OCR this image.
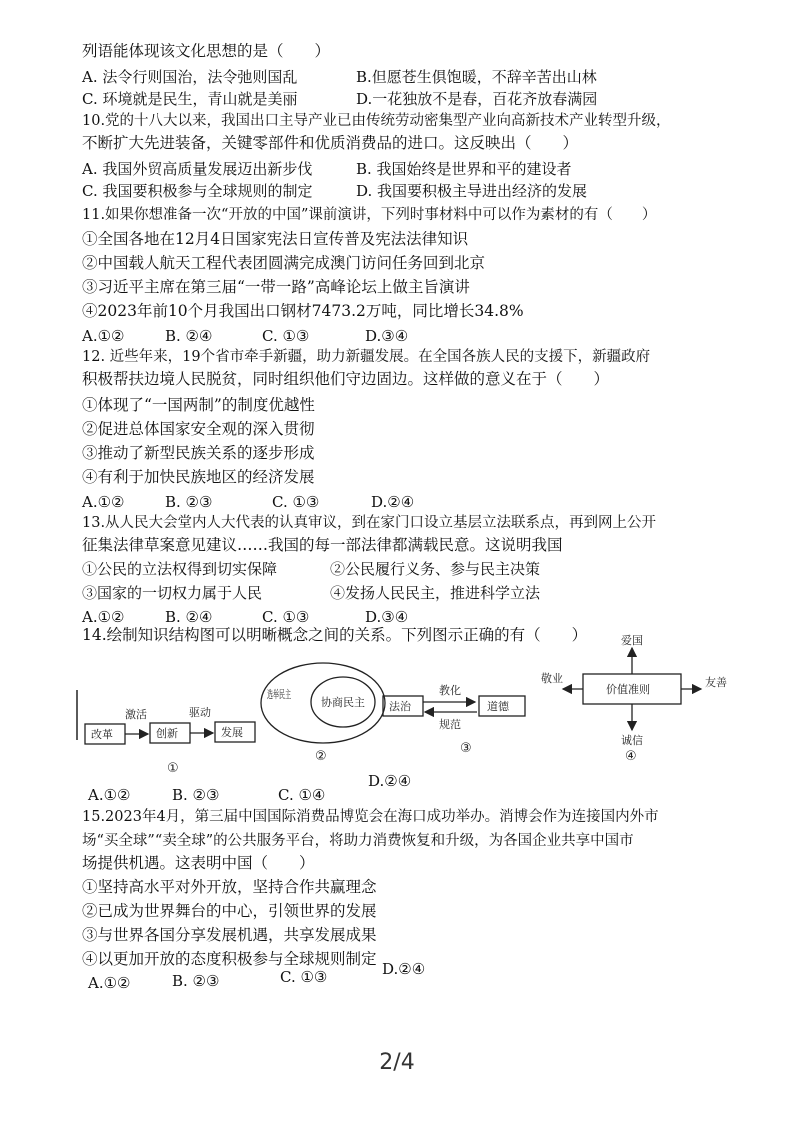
列语能体现该文化思想的是（　　）
A. 法令行则国治，法令弛则国乱	B.但愿苍生俱饱暖，不辞辛苦出山林
C. 环境就是民生，青山就是美丽	D.一花独放不是春，百花齐放春满园
10.党的十八大以来，我国出口主导产业已由传统劳动密集型产业向高新技术产业转型升级，
不断扩大先进装备，关键零部件和优质消费品的进口。这反映出（　　）
A. 我国外贸高质量发展迈出新步伐	B. 我国始终是世界和平的建设者
C. 我国要积极参与全球规则的制定	D. 我国要积极主导进出经济的发展
11.如果你想准备一次“开放的中国”课前演讲，下列时事材料中可以作为素材的有（　　）
①全国各地在12月4日国家宪法日宣传普及宪法法律知识
②中国载人航天工程代表团圆满完成澳门访问任务回到北京
③习近平主席在第三届“一带一路”高峰论坛上做主旨演讲
④2023年前10个月我国出口钢材7473.2万吨，同比增长34.8%
A.①②	B. ②④	C. ①③	D.③④
12. 近些年来，19个省市牵手新疆，助力新疆发展。在全国各族人民的支援下，新疆政府
积极帮扶边境人民脱贫，同时组织他们守边固边。这样做的意义在于（　　）
①体现了“一国两制”的制度优越性
②促进总体国家安全观的深入贯彻
③推动了新型民族关系的逐步形成
④有利于加快民族地区的经济发展
A.①②	B. ②③	C. ①③	D.②④
13.从人民大会堂内人大代表的认真审议，到在家门口设立基层立法联系点，再到网上公开
征集法律草案意见建议……我国的每一部法律都满载民意。这说明我国
①公民的立法权得到切实保障	②公民履行义务、参与民主决策
③国家的一切权力属于人民	④发扬人民民主，推进科学立法
A.①②	B. ②④	C. ①③	D.③④
14.绘制知识结构图可以明晰概念之间的关系。下列图示正确的有（　　）
改革
激活
创新
驱动
发展
①
选举民主
协商民主
②
法治
教化
规范
道德
③
价值准则
爱国
敬业	友善
诚信
④
A.①②	B. ②③	C. ①④
D.②④
15.2023年4月，第三届中国国际消费品博览会在海口成功举办。消博会作为连接国内外市
场“买全球”“卖全球”的公共服务平台，将助力消费恢复和升级，为各国企业共享中国市
场提供机遇。这表明中国（　　）
①坚持高水平对外开放，坚持合作共赢理念
②已成为世界舞台的中心，引领世界的发展
③与世界各国分享发展机遇，共享发展成果
④以更加开放的态度积极参与全球规则制定
A.①②	B. ②③	C. ①③	D.②④
2/4
